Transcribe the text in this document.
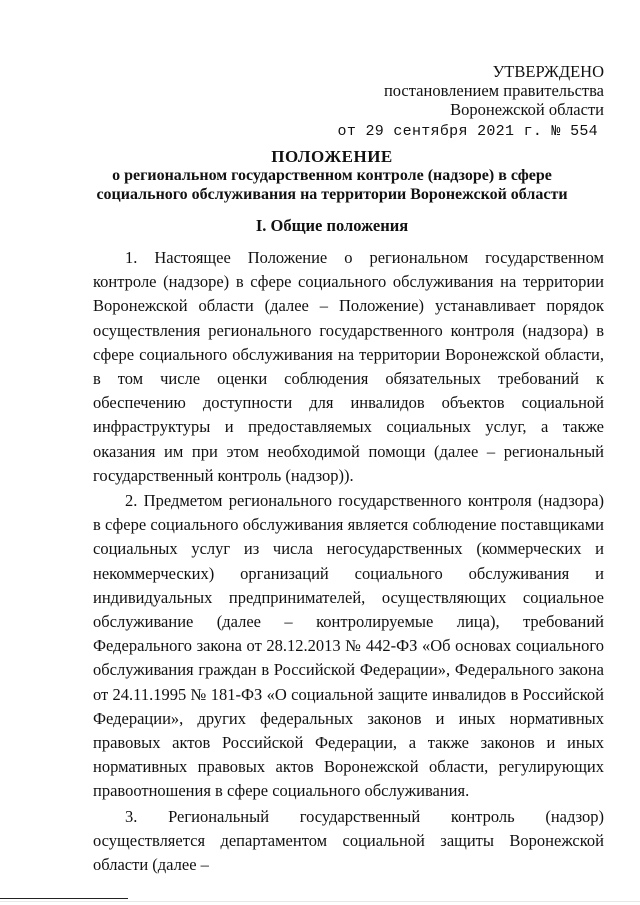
УТВЕРЖДЕНО
постановлением правительства
Воронежской области
от 29 сентября 2021 г. № 554
ПОЛОЖЕНИЕ
о региональном государственном контроле (надзоре) в сфере
социального обслуживания на территории Воронежской области
I. Общие положения

1. Настоящее Положение о региональном государственном контроле (надзоре) в сфере социального обслуживания на территории Воронежской области (далее – Положение) устанавливает порядок осуществления регионального государственного контроля (надзора) в сфере социального обслуживания на территории Воронежской области, в том числе оценки соблюдения обязательных требований к обеспечению доступности для инвалидов объектов социальной инфраструктуры и предоставляемых социальных услуг, а также оказания им при этом необходимой помощи (далее – региональный государственный контроль (надзор)).

2. Предметом регионального государственного контроля (надзора) в сфере социального обслуживания является соблюдение поставщиками социальных услуг из числа негосударственных (коммерческих и некоммерческих) организаций социального обслуживания и индивидуальных предпринимателей, осуществляющих социальное обслуживание (далее – контролируемые лица), требований Федерального закона от 28.12.2013 № 442-ФЗ «Об основах социального обслуживания граждан в Российской Федерации», Федерального закона от 24.11.1995 № 181-ФЗ «О социальной защите инвалидов в Российской Федерации», других федеральных законов и иных нормативных правовых актов Российской Федерации, а также законов и иных нормативных правовых актов Воронежской области, регулирующих правоотношения в сфере социального обслуживания.

3. Региональный государственный контроль (надзор) осуществляется департаментом социальной защиты Воронежской области (далее –
